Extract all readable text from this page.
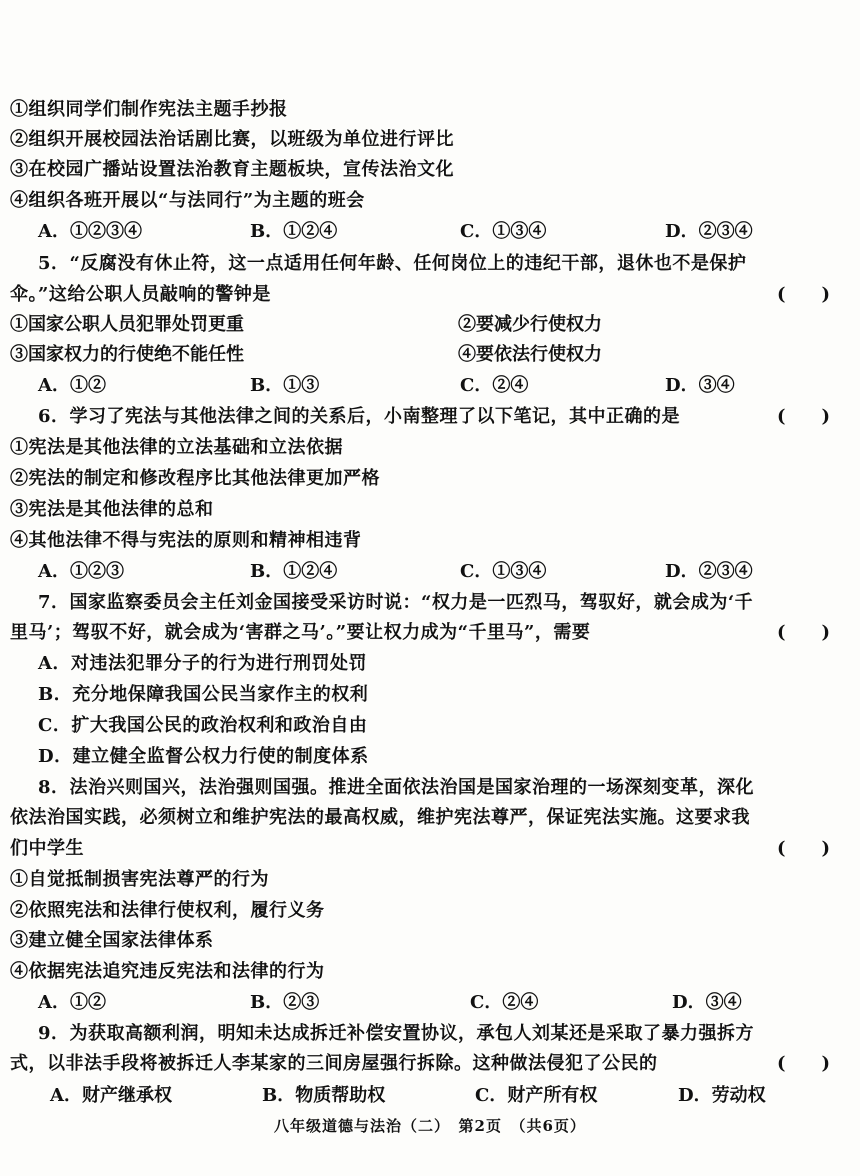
①组织同学们制作宪法主题手抄报
②组织开展校园法治话剧比赛，以班级为单位进行评比
③在校园广播站设置法治教育主题板块，宣传法治文化
④组织各班开展以“与法同行”为主题的班会
A．①②③④	B．①②④	C．①③④	D．②③④
5．“反腐没有休止符，这一点适用任何年龄、任何岗位上的违纪干部，退休也不是保护
伞。”这给公职人员敲响的警钟是	(　　)
①国家公职人员犯罪处罚更重	②要减少行使权力
③国家权力的行使绝不能任性	④要依法行使权力
A．①②	B．①③	C．②④	D．③④
6．学习了宪法与其他法律之间的关系后，小南整理了以下笔记，其中正确的是	(　　)
①宪法是其他法律的立法基础和立法依据
②宪法的制定和修改程序比其他法律更加严格
③宪法是其他法律的总和
④其他法律不得与宪法的原则和精神相违背
A．①②③	B．①②④	C．①③④	D．②③④
7．国家监察委员会主任刘金国接受采访时说：“权力是一匹烈马，驾驭好，就会成为‘千
里马’；驾驭不好，就会成为‘害群之马’。”要让权力成为“千里马”，需要	(　　)
A．对违法犯罪分子的行为进行刑罚处罚
B．充分地保障我国公民当家作主的权利
C．扩大我国公民的政治权利和政治自由
D．建立健全监督公权力行使的制度体系
8．法治兴则国兴，法治强则国强。推进全面依法治国是国家治理的一场深刻变革，深化
依法治国实践，必须树立和维护宪法的最高权威，维护宪法尊严，保证宪法实施。这要求我
们中学生	(　　)
①自觉抵制损害宪法尊严的行为
②依照宪法和法律行使权利，履行义务
③建立健全国家法律体系
④依据宪法追究违反宪法和法律的行为
A．①②	B．②③	C．②④	D．③④
9．为获取高额利润，明知未达成拆迁补偿安置协议，承包人刘某还是采取了暴力强拆方
式，以非法手段将被拆迁人李某家的三间房屋强行拆除。这种做法侵犯了公民的	(　　)
A．财产继承权	B．物质帮助权	C．财产所有权	D．劳动权
八年级道德与法治（二）　第2页　（共6页）
